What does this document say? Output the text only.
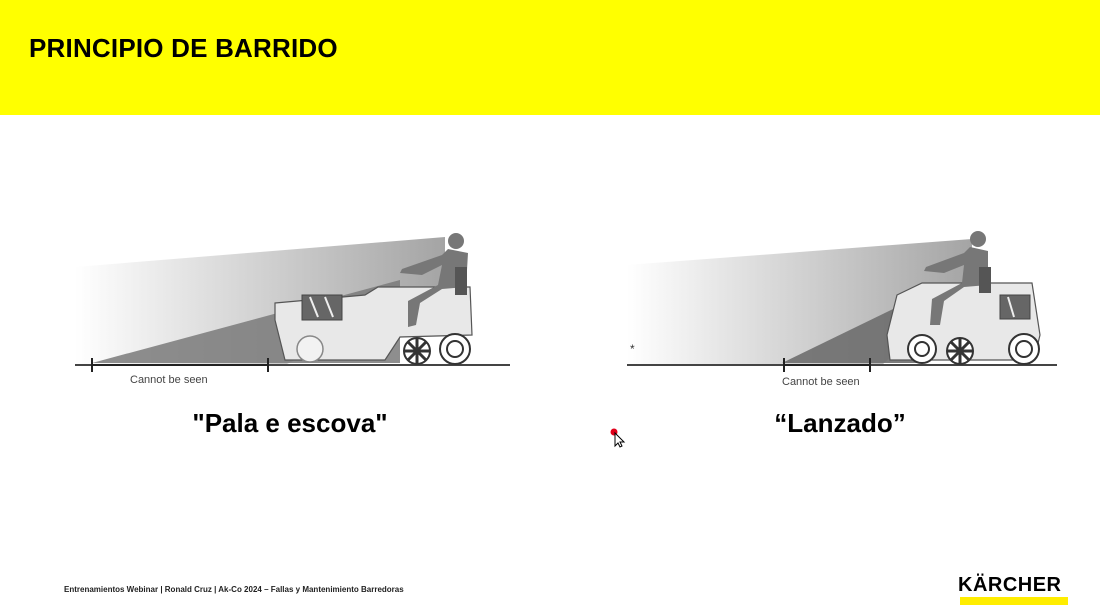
PRINCIPIO DE BARRIDO
Cannot be seen
*
Cannot be seen
"Pala e escova"	“Lanzado”
Entrenamientos Webinar | Ronald Cruz | Ak-Co 2024 – Fallas y Mantenimiento Barredoras	KÄRCHER
